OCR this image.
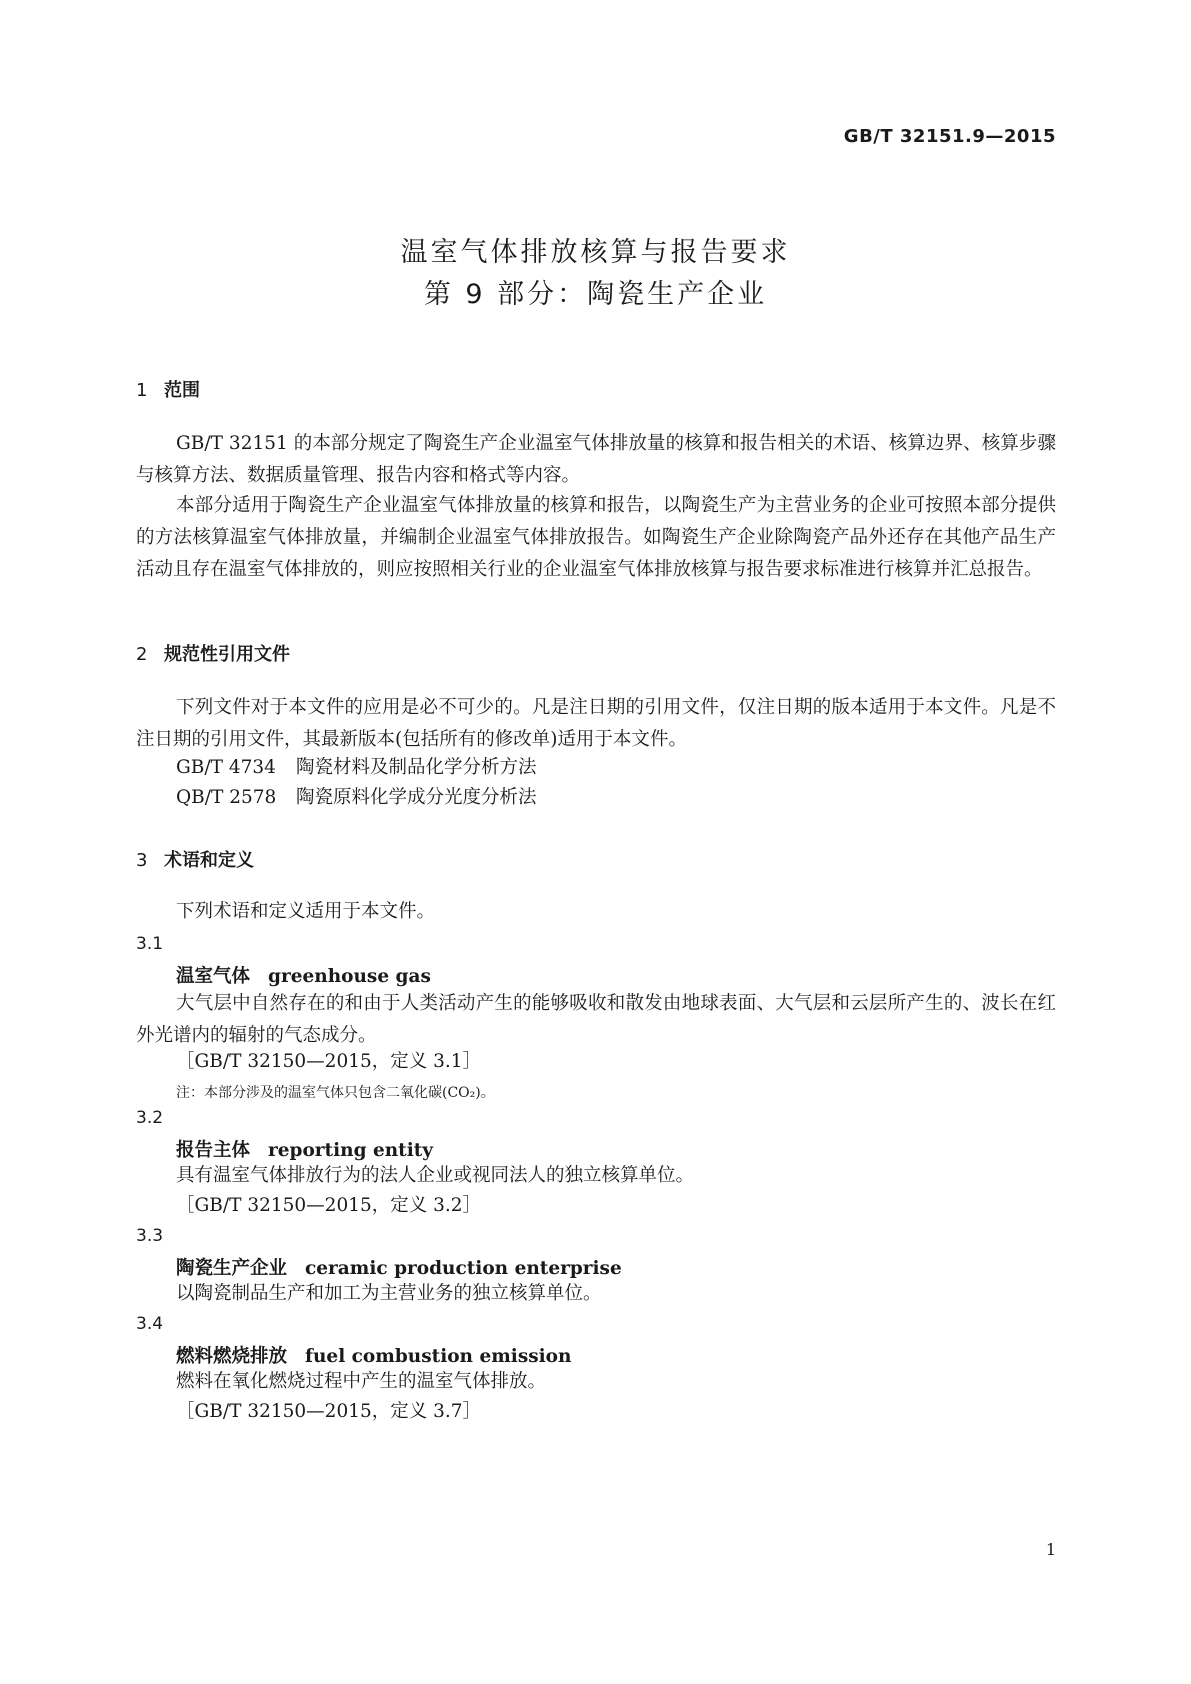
GB/T 32151.9—2015
温室气体排放核算与报告要求
第 9 部分：陶瓷生产企业
1 范围
GB/T 32151 的本部分规定了陶瓷生产企业温室气体排放量的核算和报告相关的术语、核算边界、核算步骤与核算方法、数据质量管理、报告内容和格式等内容。
本部分适用于陶瓷生产企业温室气体排放量的核算和报告，以陶瓷生产为主营业务的企业可按照本部分提供的方法核算温室气体排放量，并编制企业温室气体排放报告。如陶瓷生产企业除陶瓷产品外还存在其他产品生产活动且存在温室气体排放的，则应按照相关行业的企业温室气体排放核算与报告要求标准进行核算并汇总报告。
2 规范性引用文件
下列文件对于本文件的应用是必不可少的。凡是注日期的引用文件，仅注日期的版本适用于本文件。凡是不注日期的引用文件，其最新版本(包括所有的修改单)适用于本文件。
GB/T 4734 陶瓷材料及制品化学分析方法
QB/T 2578 陶瓷原料化学成分光度分析法
3 术语和定义
下列术语和定义适用于本文件。
3.1
温室气体 greenhouse gas
大气层中自然存在的和由于人类活动产生的能够吸收和散发由地球表面、大气层和云层所产生的、波长在红外光谱内的辐射的气态成分。
［GB/T 32150—2015，定义 3.1］
注：本部分涉及的温室气体只包含二氧化碳(CO₂)。
3.2
报告主体 reporting entity
具有温室气体排放行为的法人企业或视同法人的独立核算单位。
［GB/T 32150—2015，定义 3.2］
3.3
陶瓷生产企业 ceramic production enterprise
以陶瓷制品生产和加工为主营业务的独立核算单位。
3.4
燃料燃烧排放 fuel combustion emission
燃料在氧化燃烧过程中产生的温室气体排放。
［GB/T 32150—2015，定义 3.7］
1
